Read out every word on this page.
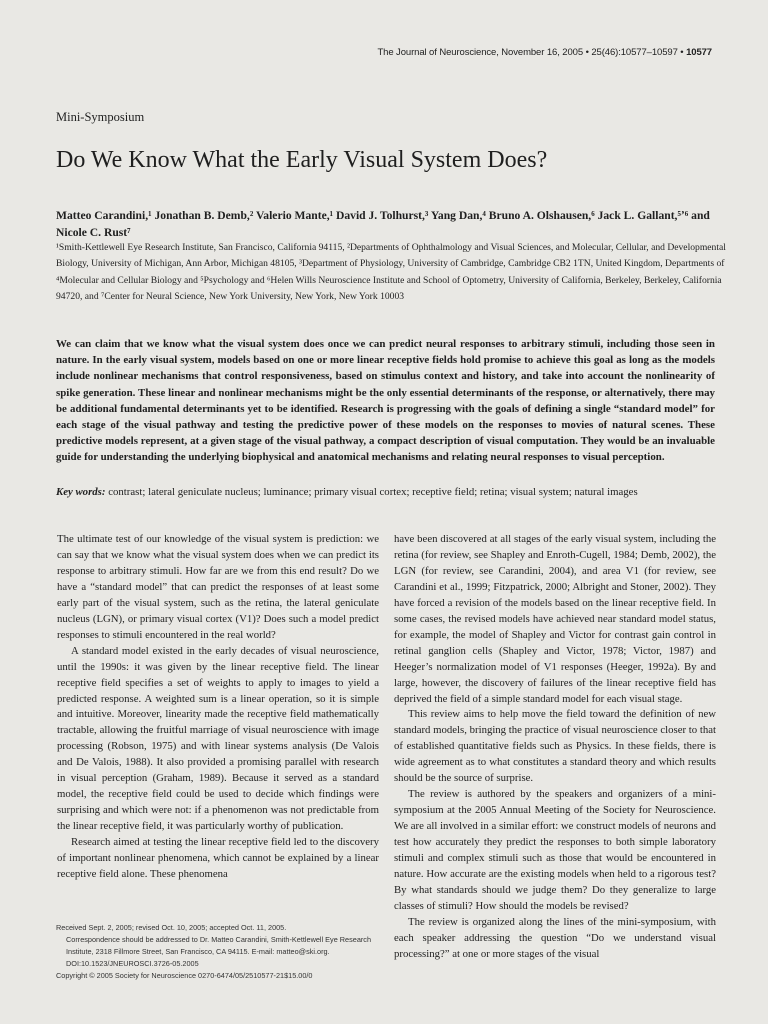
The Journal of Neuroscience, November 16, 2005 • 25(46):10577–10597 • 10577
Mini-Symposium
Do We Know What the Early Visual System Does?
Matteo Carandini,¹ Jonathan B. Demb,² Valerio Mante,¹ David J. Tolhurst,³ Yang Dan,⁴ Bruno A. Olshausen,⁶ Jack L. Gallant,⁵ʼ⁶ and Nicole C. Rust⁷
¹Smith-Kettlewell Eye Research Institute, San Francisco, California 94115, ²Departments of Ophthalmology and Visual Sciences, and Molecular, Cellular, and Developmental Biology, University of Michigan, Ann Arbor, Michigan 48105, ³Department of Physiology, University of Cambridge, Cambridge CB2 1TN, United Kingdom, Departments of ⁴Molecular and Cellular Biology and ⁵Psychology and ⁶Helen Wills Neuroscience Institute and School of Optometry, University of California, Berkeley, Berkeley, California 94720, and ⁷Center for Neural Science, New York University, New York, New York 10003
We can claim that we know what the visual system does once we can predict neural responses to arbitrary stimuli, including those seen in nature. In the early visual system, models based on one or more linear receptive fields hold promise to achieve this goal as long as the models include nonlinear mechanisms that control responsiveness, based on stimulus context and history, and take into account the nonlinearity of spike generation. These linear and nonlinear mechanisms might be the only essential determinants of the response, or alternatively, there may be additional fundamental determinants yet to be identified. Research is progressing with the goals of defining a single “standard model” for each stage of the visual pathway and testing the predictive power of these models on the responses to movies of natural scenes. These predictive models represent, at a given stage of the visual pathway, a compact description of visual computation. They would be an invaluable guide for understanding the underlying biophysical and anatomical mechanisms and relating neural responses to visual perception.
Key words: contrast; lateral geniculate nucleus; luminance; primary visual cortex; receptive field; retina; visual system; natural images

The ultimate test of our knowledge of the visual system is prediction: we can say that we know what the visual system does when we can predict its response to arbitrary stimuli. How far are we from this end result? Do we have a “standard model” that can predict the responses of at least some early part of the visual system, such as the retina, the lateral geniculate nucleus (LGN), or primary visual cortex (V1)? Does such a model predict responses to stimuli encountered in the real world?

A standard model existed in the early decades of visual neuroscience, until the 1990s: it was given by the linear receptive field. The linear receptive field specifies a set of weights to apply to images to yield a predicted response. A weighted sum is a linear operation, so it is simple and intuitive. Moreover, linearity made the receptive field mathematically tractable, allowing the fruitful marriage of visual neuroscience with image processing (Robson, 1975) and with linear systems analysis (De Valois and De Valois, 1988). It also provided a promising parallel with research in visual perception (Graham, 1989). Because it served as a standard model, the receptive field could be used to decide which findings were surprising and which were not: if a phenomenon was not predictable from the linear receptive field, it was particularly worthy of publication.

Research aimed at testing the linear receptive field led to the discovery of important nonlinear phenomena, which cannot be explained by a linear receptive field alone. These phenomena

have been discovered at all stages of the early visual system, including the retina (for review, see Shapley and Enroth-Cugell, 1984; Demb, 2002), the LGN (for review, see Carandini, 2004), and area V1 (for review, see Carandini et al., 1999; Fitzpatrick, 2000; Albright and Stoner, 2002). They have forced a revision of the models based on the linear receptive field. In some cases, the revised models have achieved near standard model status, for example, the model of Shapley and Victor for contrast gain control in retinal ganglion cells (Shapley and Victor, 1978; Victor, 1987) and Heeger’s normalization model of V1 responses (Heeger, 1992a). By and large, however, the discovery of failures of the linear receptive field has deprived the field of a simple standard model for each visual stage.

This review aims to help move the field toward the definition of new standard models, bringing the practice of visual neuroscience closer to that of established quantitative fields such as Physics. In these fields, there is wide agreement as to what constitutes a standard theory and which results should be the source of surprise.

The review is authored by the speakers and organizers of a mini-symposium at the 2005 Annual Meeting of the Society for Neuroscience. We are all involved in a similar effort: we construct models of neurons and test how accurately they predict the responses to both simple laboratory stimuli and complex stimuli such as those that would be encountered in nature. How accurate are the existing models when held to a rigorous test? By what standards should we judge them? Do they generalize to large classes of stimuli? How should the models be revised?

The review is organized along the lines of the mini-symposium, with each speaker addressing the question “Do we understand visual processing?” at one or more stages of the visual

Received Sept. 2, 2005; revised Oct. 10, 2005; accepted Oct. 11, 2005.

Correspondence should be addressed to Dr. Matteo Carandini, Smith-Kettlewell Eye Research Institute, 2318 Fillmore Street, San Francisco, CA 94115. E-mail: matteo@ski.org.

DOI:10.1523/JNEUROSCI.3726-05.2005

Copyright © 2005 Society for Neuroscience 0270-6474/05/2510577-21$15.00/0
